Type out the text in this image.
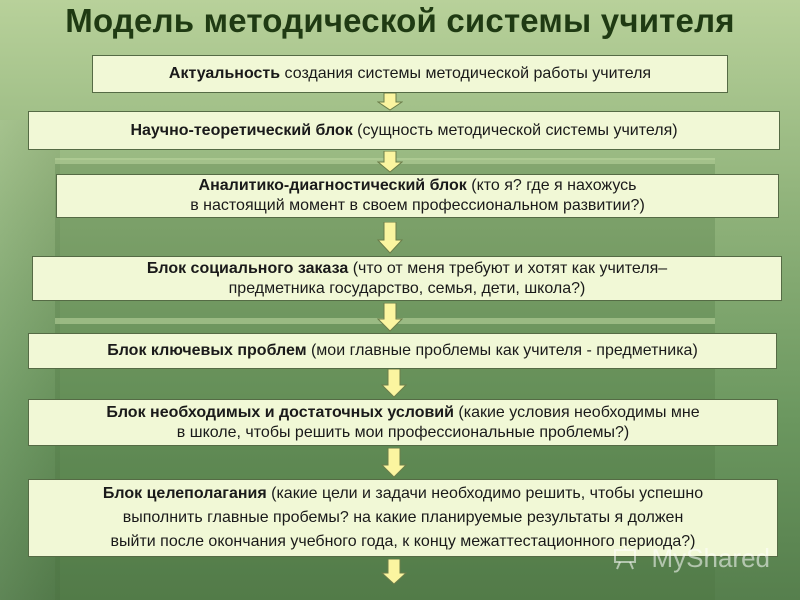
Модель методической системы учителя
Актуальность создания системы методической работы учителя
Научно-теоретический блок (сущность методической системы учителя)
Аналитико-диагностический блок (кто я? где я нахожусь
в настоящий момент в своем профессиональном развитии?)
Блок социального заказа (что от меня требуют и хотят как учителя–
предметника государство, семья, дети, школа?)
Блок ключевых проблем (мои главные проблемы как учителя - предметника)
Блок необходимых и достаточных условий (какие условия необходимы мне
в школе, чтобы решить мои профессиональные проблемы?)
Блок целеполагания (какие цели и задачи необходимо решить, чтобы успешно
выполнить главные пробемы? на какие планируемые результаты я должен
выйти после окончания учебного года, к концу межаттестационного периода?)
MyShared
